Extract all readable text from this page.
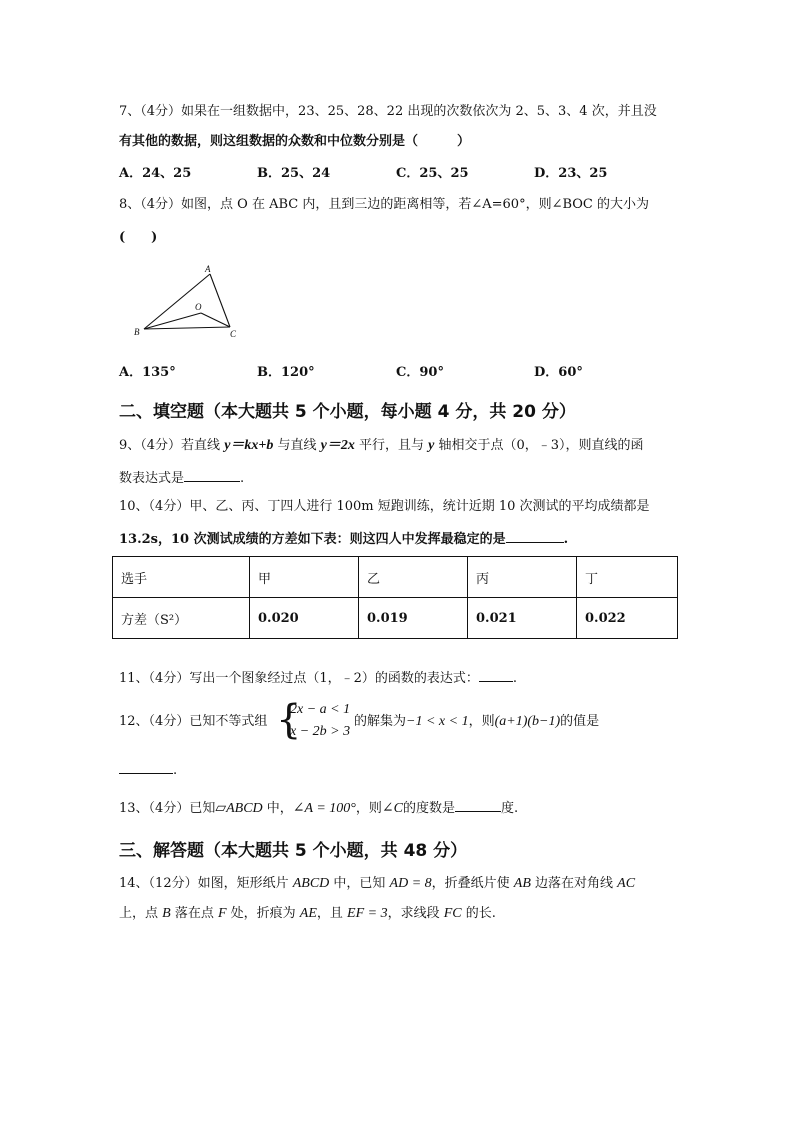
7、（4分）如果在一组数据中，23、25、28、22 出现的次数依次为 2、5、3、4 次，并且没
有其他的数据，则这组数据的众数和中位数分别是（　　　）
A．24、25	B．25、24	C．25、25	D．23、25
8、（4分）如图，点 O 在 ABC 内，且到三边的距离相等，若∠A=60°，则∠BOC 的大小为
(　　)
A
B	C
O
A．135°	B．120°	C．90°	D．60°
二、填空题（本大题共 5 个小题，每小题 4 分，共 20 分）
9、（4分）若直线 y＝kx+b 与直线 y＝2x 平行，且与 y 轴相交于点（0，﹣3），则直线的函
数表达式是	.
10、（4分）甲、乙、丙、丁四人进行 100m 短跑训练，统计近期 10 次测试的平均成绩都是
13.2s，10 次测试成绩的方差如下表：则这四人中发挥最稳定的是	.
选手	甲	乙	丙	丁
方差（S²）	0.020	0.019	0.021	0.022
11、（4分）写出一个图象经过点（1，﹣2）的函数的表达式：	.
12、（4分）已知不等式组 {
2x − a < 1
x − 2b > 3
的解集为−1 < x < 1，则(a+1)(b−1)的值是
.
13、（4分）已知▱ABCD 中，∠A = 100°，则∠C的度数是	度.
三、解答题（本大题共 5 个小题，共 48 分）
14、（12分）如图，矩形纸片 ABCD 中，已知 AD = 8，折叠纸片使 AB 边落在对角线 AC
上，点 B 落在点 F 处，折痕为 AE，且 EF = 3，求线段 FC 的长.
